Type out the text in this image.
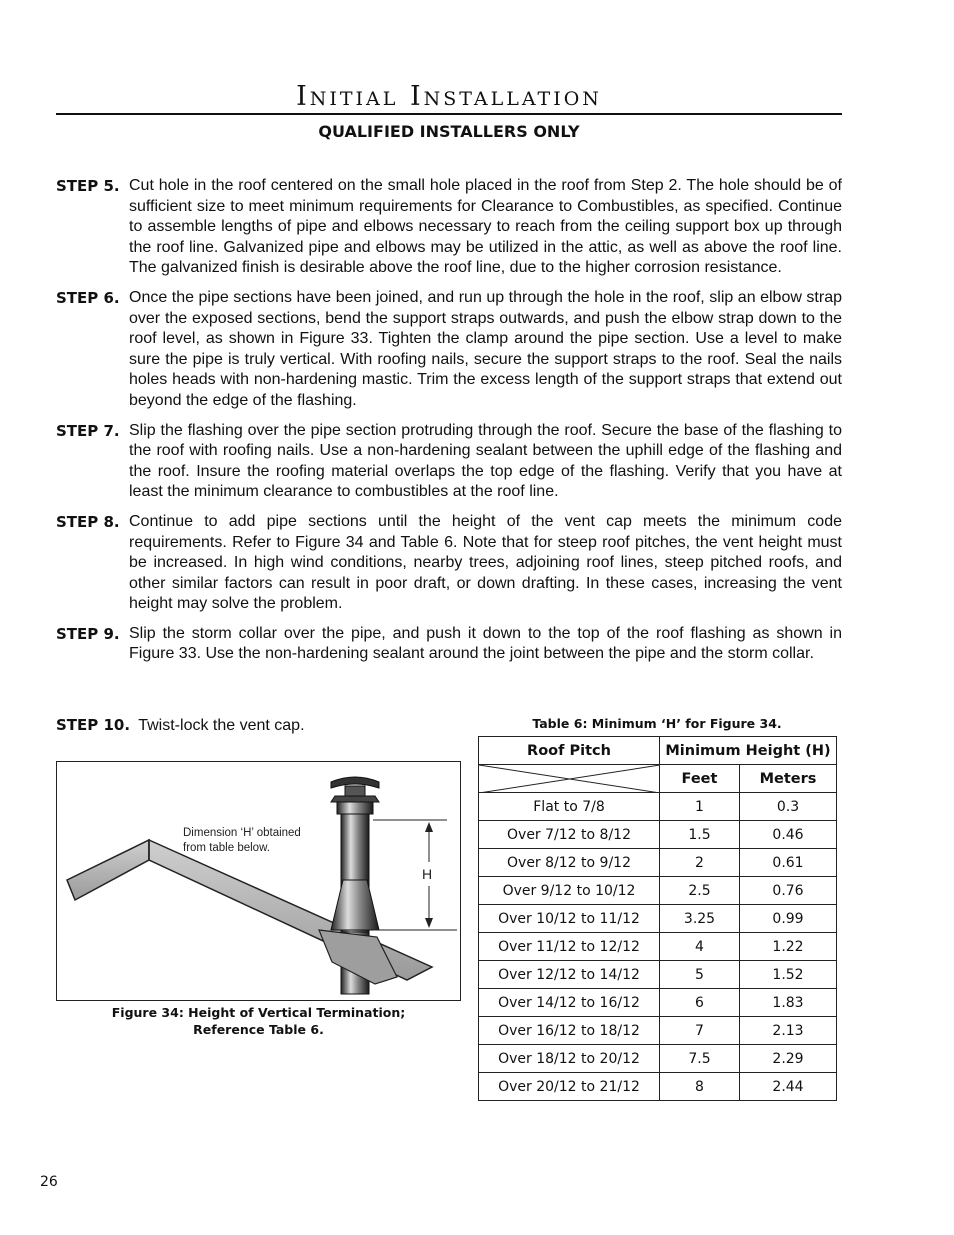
Initial Installation
QUALIFIED INSTALLERS ONLY
STEP 5. Cut hole in the roof centered on the small hole placed in the roof from Step 2. The hole should be of sufficient size to meet minimum requirements for Clearance to Combustibles, as specified. Continue to assemble lengths of pipe and elbows necessary to reach from the ceiling support box up through the roof line. Galvanized pipe and elbows may be utilized in the attic, as well as above the roof line. The galvanized finish is desirable above the roof line, due to the higher corrosion resistance.
STEP 6. Once the pipe sections have been joined, and run up through the hole in the roof, slip an elbow strap over the exposed sections, bend the support straps outwards, and push the elbow strap down to the roof level, as shown in Figure 33. Tighten the clamp around the pipe section. Use a level to make sure the pipe is truly vertical. With roofing nails, secure the support straps to the roof. Seal the nails holes heads with non-hardening mastic. Trim the excess length of the support straps that extend out beyond the edge of the flashing.
STEP 7. Slip the flashing over the pipe section protruding through the roof. Secure the base of the flashing to the roof with roofing nails. Use a non-hardening sealant between the uphill edge of the flashing and the roof. Insure the roofing material overlaps the top edge of the flashing. Verify that you have at least the minimum clearance to combustibles at the roof line.
STEP 8. Continue to add pipe sections until the height of the vent cap meets the minimum code requirements. Refer to Figure 34 and Table 6. Note that for steep roof pitches, the vent height must be increased. In high wind conditions, nearby trees, adjoining roof lines, steep pitched roofs, and other similar factors can result in poor draft, or down drafting. In these cases, increasing the vent height may solve the problem.
STEP 9. Slip the storm collar over the pipe, and push it down to the top of the roof flashing as shown in Figure 33. Use the non-hardening sealant around the joint between the pipe and the storm collar.
STEP 10. Twist-lock the vent cap.
H
Dimension ‘H’ obtained
from table below.
Figure 34: Height of Vertical Termination;
Reference Table 6.
Table 6: Minimum ‘H’ for Figure 34.
Roof Pitch	Minimum Height (H)	

	Feet	Meters
Flat to 7/8	1	0.3
Over 7/12 to 8/12	1.5	0.46
Over 8/12 to 9/12	2	0.61
Over 9/12 to 10/12	2.5	0.76
Over 10/12 to 11/12	3.25	0.99
Over 11/12 to 12/12	4	1.22
Over 12/12 to 14/12	5	1.52
Over 14/12 to 16/12	6	1.83
Over 16/12 to 18/12	7	2.13
Over 18/12 to 20/12	7.5	2.29
Over 20/12 to 21/12	8	2.44
26
